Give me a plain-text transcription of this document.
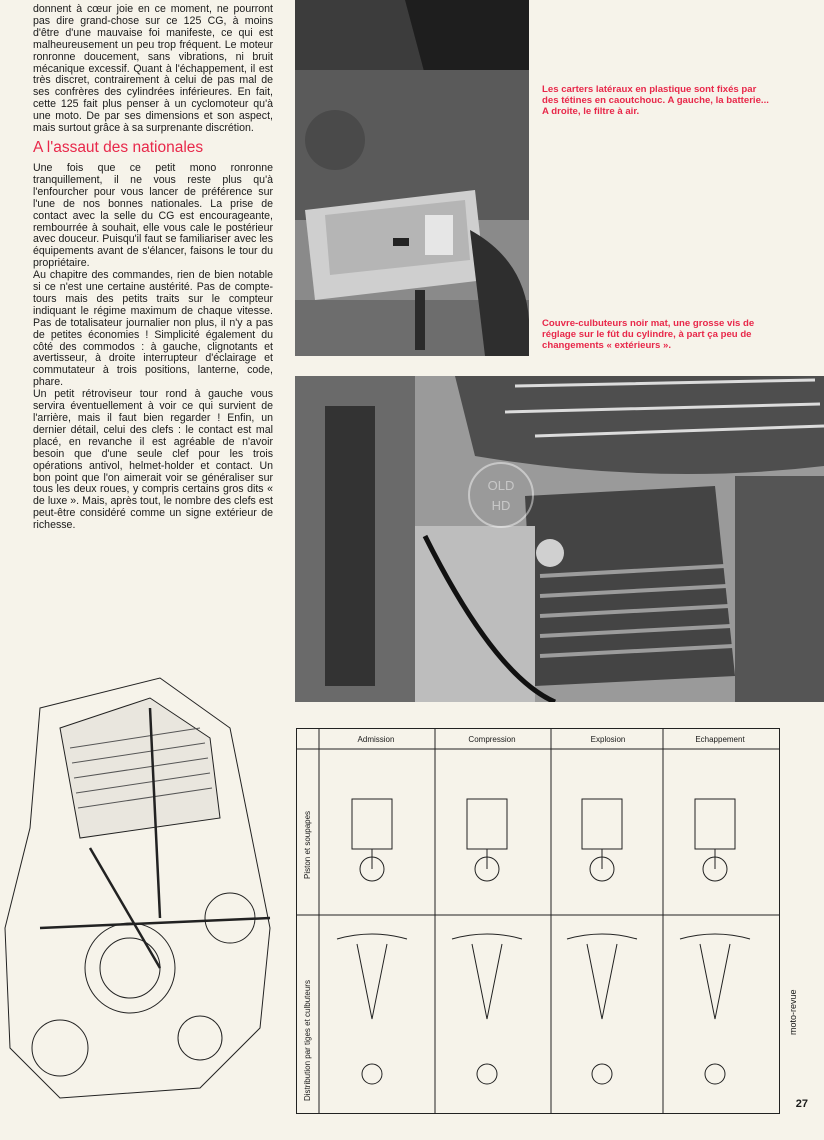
donnent à cœur joie en ce moment, ne pourront pas dire grand-chose sur ce 125 CG, à moins d'être d'une mauvaise foi manifeste, ce qui est malheureusement un peu trop fréquent. Le moteur ronronne doucement, sans vibrations, ni bruit mécanique excessif. Quant à l'échappement, il est très discret, contrairement à celui de pas mal de ses confrères des cylindrées inférieures. En fait, cette 125 fait plus penser à un cyclomoteur qu'à une moto. De par ses dimensions et son aspect, mais surtout grâce à sa surprenante discrétion.

A l'assaut des nationales

Une fois que ce petit mono ronronne tranquillement, il ne vous reste plus qu'à l'enfourcher pour vous lancer de préférence sur l'une de nos bonnes nationales. La prise de contact avec la selle du CG est encourageante, rembourrée à souhait, elle vous cale le postérieur avec douceur. Puisqu'il faut se familiariser avec les équipements avant de s'élancer, faisons le tour du propriétaire.

Au chapitre des commandes, rien de bien notable si ce n'est une certaine austérité. Pas de compte-tours mais des petits traits sur le compteur indiquant le régime maximum de chaque vitesse. Pas de totalisateur journalier non plus, il n'y a pas de petites économies ! Simplicité également du côté des commodos : à gauche, clignotants et avertisseur, à droite interrupteur d'éclairage et commutateur à trois positions, lanterne, code, phare.

Un petit rétroviseur tour rond à gauche vous servira éventuellement à voir ce qui survient de l'arrière, mais il faut bien regarder ! Enfin, un dernier détail, celui des clefs : le contact est mal placé, en revanche il est agréable de n'avoir besoin que d'une seule clef pour les trois opérations antivol, helmet-holder et contact. Un bon point que l'on aimerait voir se généraliser sur tous les deux roues, y compris certains gros dits « de luxe ». Mais, après tout, le nombre des clefs est peut-être considéré comme un signe extérieur de richesse.

Les carters latéraux en plastique sont fixés par des tétines en caoutchouc. A gauche, la batterie... A droite, le filtre à air.
Couvre-culbuteurs noir mat, une grosse vis de réglage sur le fût du cylindre, à part ça peu de changements « extérieurs ».
OLD
HD
Admission	Compression	Explosion	Echappement
Piston et soupapes
Distribution par tiges et culbuteurs	moto-revue
27
